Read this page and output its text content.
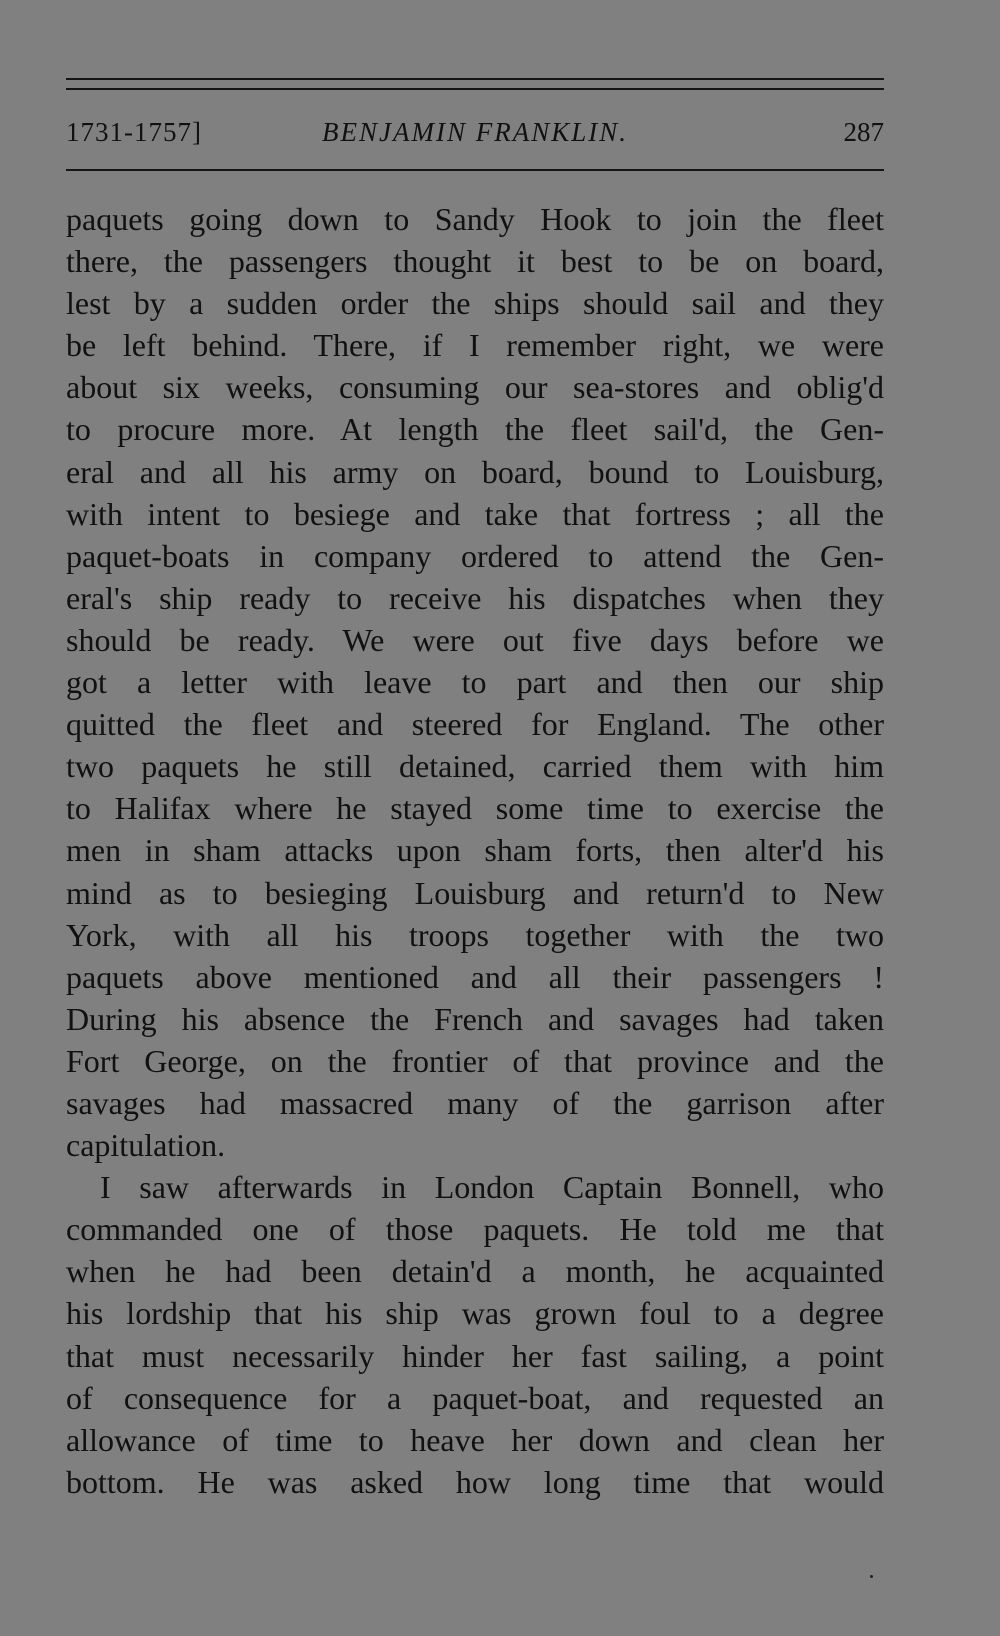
1731-1757]	BENJAMIN FRANKLIN.	287
paquets going down to Sandy Hook to join the fleet
there, the passengers thought it best to be on board,
lest by a sudden order the ships should sail and they
be left behind. There, if I remember right, we were
about six weeks, consuming our sea-stores and oblig'd
to procure more. At length the fleet sail'd, the Gen-
eral and all his army on board, bound to Louisburg,
with intent to besiege and take that fortress ; all the
paquet-boats in company ordered to attend the Gen-
eral's ship ready to receive his dispatches when they
should be ready. We were out five days before we
got a letter with leave to part and then our ship
quitted the fleet and steered for England. The other
two paquets he still detained, carried them with him
to Halifax where he stayed some time to exercise the
men in sham attacks upon sham forts, then alter'd his
mind as to besieging Louisburg and return'd to New
York, with all his troops together with the two
paquets above mentioned and all their passengers !
During his absence the French and savages had taken
Fort George, on the frontier of that province and the
savages had massacred many of the garrison after
capitulation.
I saw afterwards in London Captain Bonnell, who
commanded one of those paquets. He told me that
when he had been detain'd a month, he acquainted
his lordship that his ship was grown foul to a degree
that must necessarily hinder her fast sailing, a point
of consequence for a paquet-boat, and requested an
allowance of time to heave her down and clean her
bottom. He was asked how long time that would
